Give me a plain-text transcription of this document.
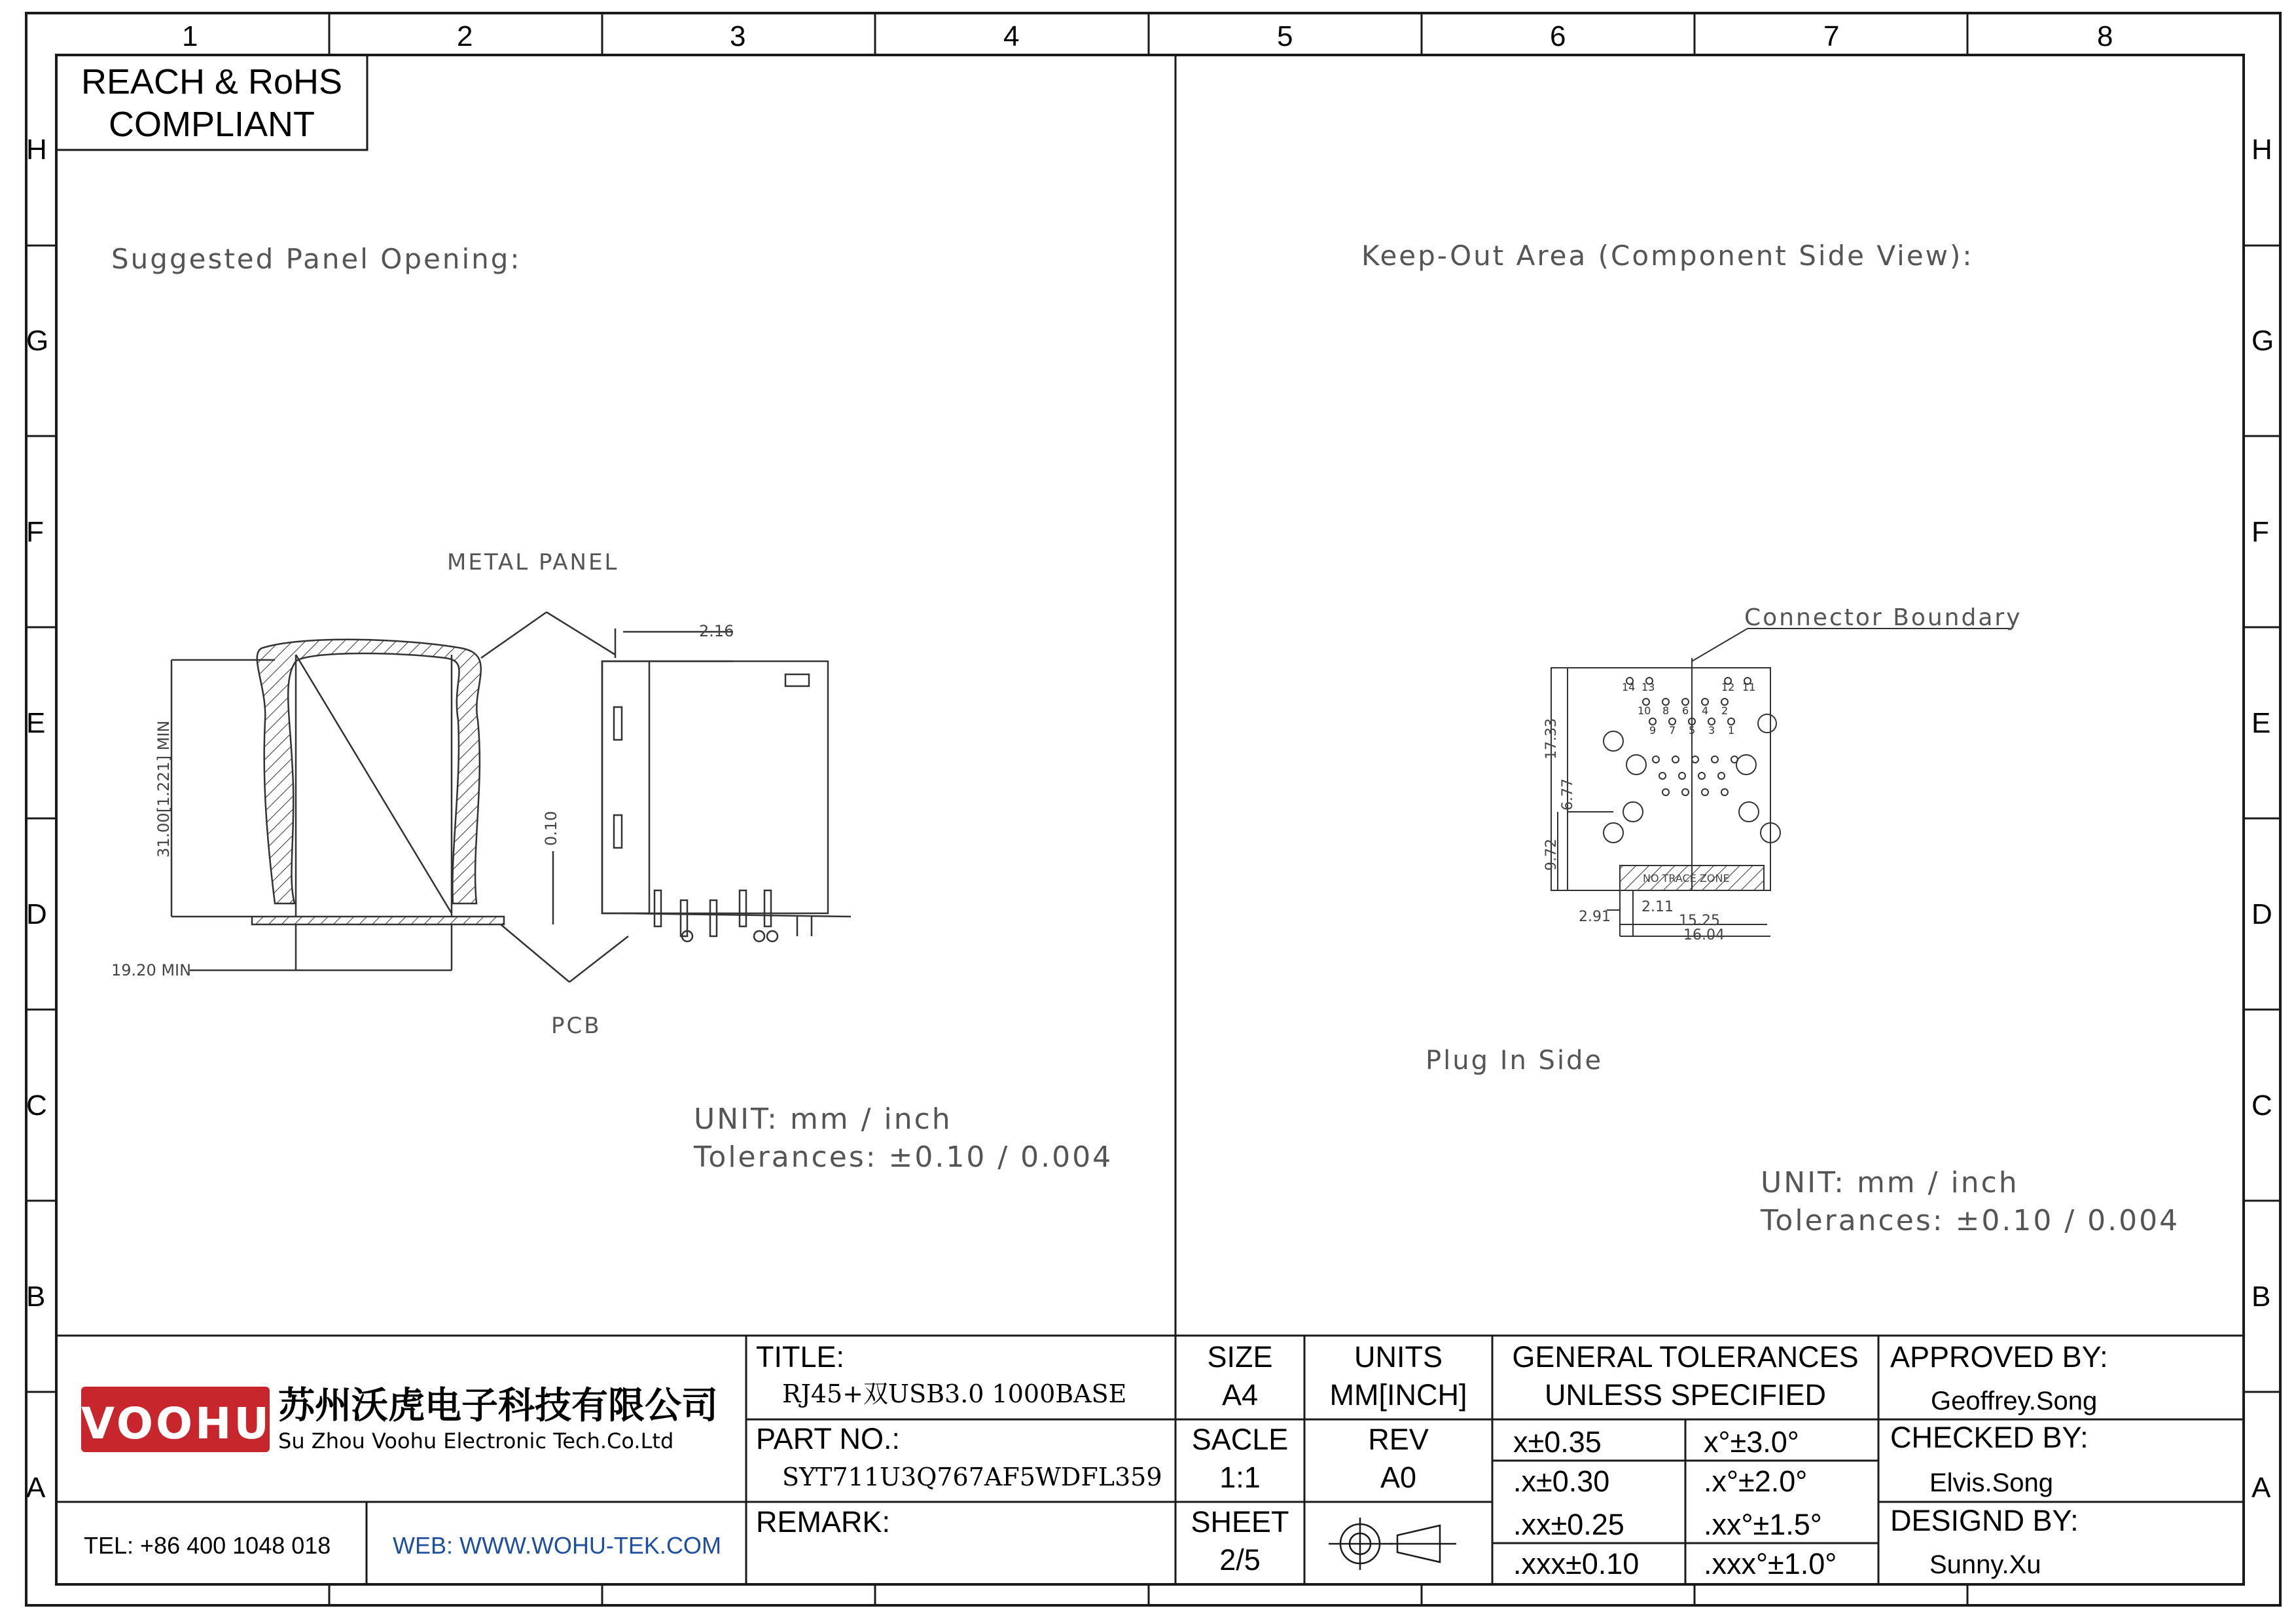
1	2	3	4	5	6	7	8
H
G
F
E
D
C
B
A
H
G
F
E
D
C
B
A
REACH & RoHS
COMPLIANT
Suggested Panel Opening:
METAL PANEL
PCB
2.16
31.00[1.221] MIN	0.10
19.20 MIN
UNIT: mm / inch
Tolerances: ±0.10 / 0.004
Keep-Out Area (Component Side View):
Connector Boundary
NO TRACE ZONE
Plug In Side
17.33
6.77
9.72
2.91
2.11
15.25
16.04
14 13	12 11
10 8 6 4 2
9 7 5 3 1
UNIT: mm / inch
Tolerances: ±0.10 / 0.004
VOOHU 苏州沃虎电子科技有限公司
Su Zhou Voohu Electronic Tech.Co.Ltd
TEL: +86 400 1048 018	WEB: WWW.WOHU-TEK.COM
TITLE:
RJ45+双USB3.0 1000BASE
PART NO.:
SYT711U3Q767AF5WDFL359
REMARK:
SIZE
A4
SACLE
1:1
SHEET
2/5
UNITS
MM[INCH]
REV
A0
GENERAL TOLERANCES
UNLESS SPECIFIED
x±0.35	x°±3.0°
.x±0.30	.x°±2.0°
.xx±0.25	.xx°±1.5°
.xxx±0.10 .xxx°±1.0°
APPROVED BY:
Geoffrey.Song
CHECKED BY:
Elvis.Song
DESIGND BY:
Sunny.Xu
